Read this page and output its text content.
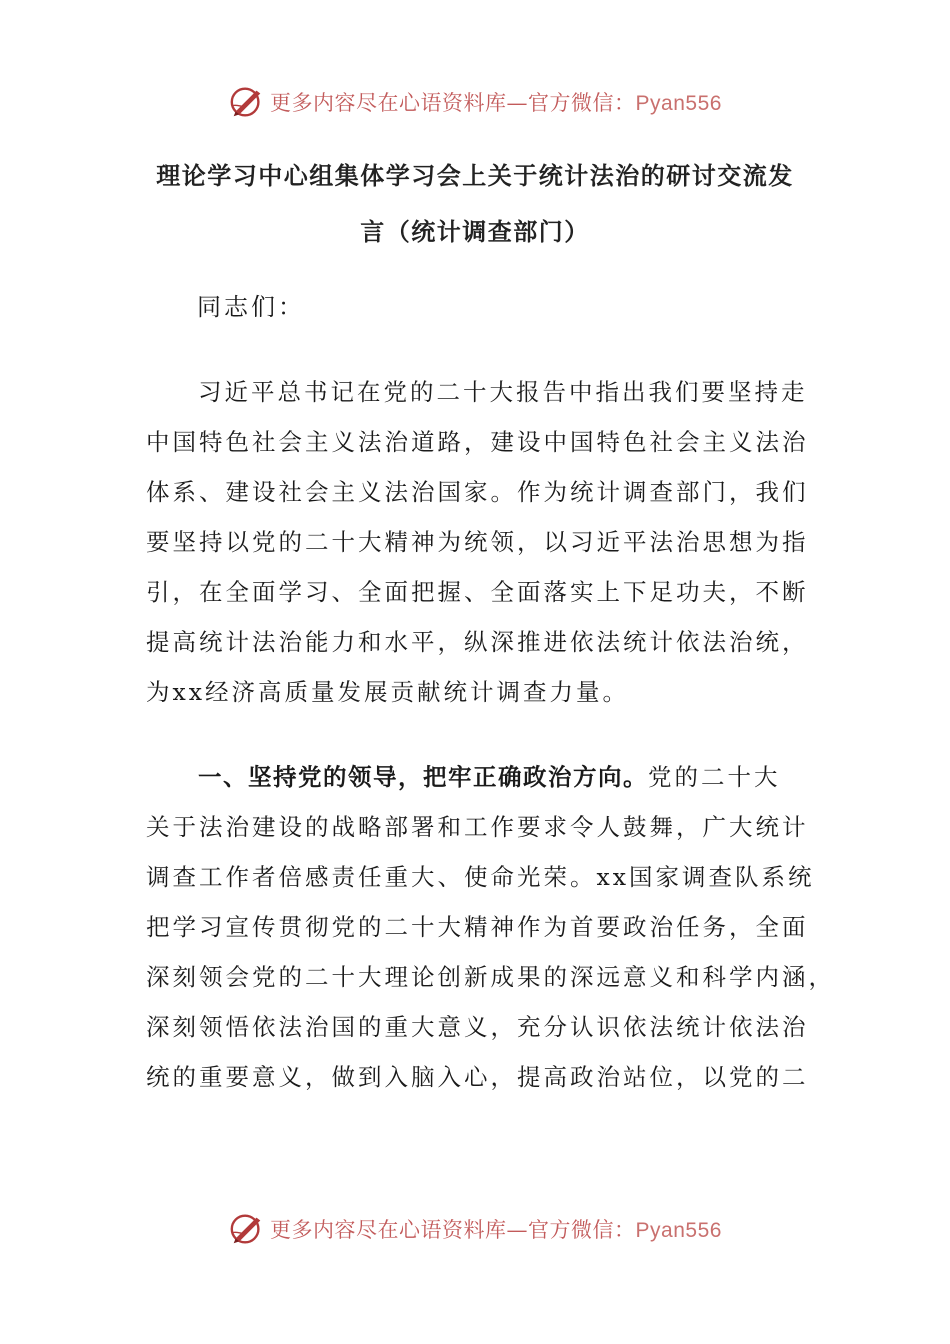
更多内容尽在心语资料库—官方微信：Pyan556
理论学习中心组集体学习会上关于统计法治的研讨交流发
言（统计调查部门）
同志们：
习近平总书记在党的二十大报告中指出我们要坚持走
中国特色社会主义法治道路，建设中国特色社会主义法治
体系、建设社会主义法治国家。作为统计调查部门，我们
要坚持以党的二十大精神为统领，以习近平法治思想为指
引，在全面学习、全面把握、全面落实上下足功夫，不断
提高统计法治能力和水平，纵深推进依法统计依法治统，
为xx经济高质量发展贡献统计调查力量。
一、坚持党的领导，把牢正确政治方向。党的二十大
关于法治建设的战略部署和工作要求令人鼓舞，广大统计
调查工作者倍感责任重大、使命光荣。xx国家调查队系统
把学习宣传贯彻党的二十大精神作为首要政治任务，全面
深刻领会党的二十大理论创新成果的深远意义和科学内涵，
深刻领悟依法治国的重大意义，充分认识依法统计依法治
统的重要意义，做到入脑入心，提高政治站位，以党的二
更多内容尽在心语资料库—官方微信：Pyan556
